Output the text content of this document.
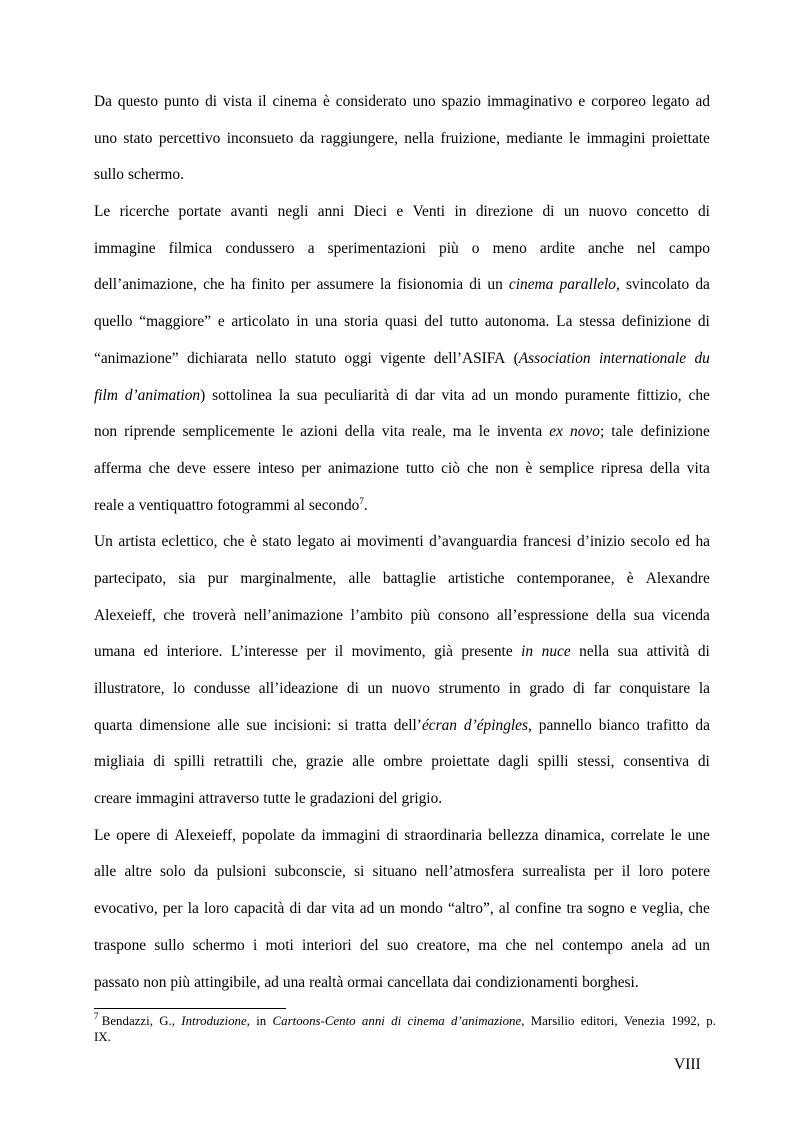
Da questo punto di vista il cinema è considerato uno spazio immaginativo e corporeo legato ad
uno stato percettivo inconsueto da raggiungere, nella fruizione, mediante le immagini proiettate
sullo schermo.
Le ricerche portate avanti negli anni Dieci e Venti in direzione di un nuovo concetto di
immagine filmica condussero a sperimentazioni più o meno ardite anche nel campo
dell’animazione, che ha finito per assumere la fisionomia di un cinema parallelo, svincolato da
quello “maggiore” e articolato in una storia quasi del tutto autonoma. La stessa definizione di
“animazione” dichiarata nello statuto oggi vigente dell’ASIFA (Association internationale du
film d’animation) sottolinea la sua peculiarità di dar vita ad un mondo puramente fittizio, che
non riprende semplicemente le azioni della vita reale, ma le inventa ex novo; tale definizione
afferma che deve essere inteso per animazione tutto ciò che non è semplice ripresa della vita
reale a ventiquattro fotogrammi al secondo$^7$.
Un artista eclettico, che è stato legato ai movimenti d’avanguardia francesi d’inizio secolo ed ha
partecipato, sia pur marginalmente, alle battaglie artistiche contemporanee, è Alexandre
Alexeieff, che troverà nell’animazione l’ambito più consono all’espressione della sua vicenda
umana ed interiore. L’interesse per il movimento, già presente in nuce nella sua attività di
illustratore, lo condusse all’ideazione di un nuovo strumento in grado di far conquistare la
quarta dimensione alle sue incisioni: si tratta dell’écran d’épingles, pannello bianco trafitto da
migliaia di spilli retrattili che, grazie alle ombre proiettate dagli spilli stessi, consentiva di
creare immagini attraverso tutte le gradazioni del grigio.
Le opere di Alexeieff, popolate da immagini di straordinaria bellezza dinamica, correlate le une
alle altre solo da pulsioni subconscie, si situano nell’atmosfera surrealista per il loro potere
evocativo, per la loro capacità di dar vita ad un mondo “altro”, al confine tra sogno e veglia, che
traspone sullo schermo i moti interiori del suo creatore, ma che nel contempo anela ad un
passato non più attingibile, ad una realtà ormai cancellata dai condizionamenti borghesi.
$^7$ Bendazzi, G., Introduzione, in Cartoons-Cento anni di cinema d’animazione, Marsilio editori, Venezia 1992, p.
IX.
VIII
